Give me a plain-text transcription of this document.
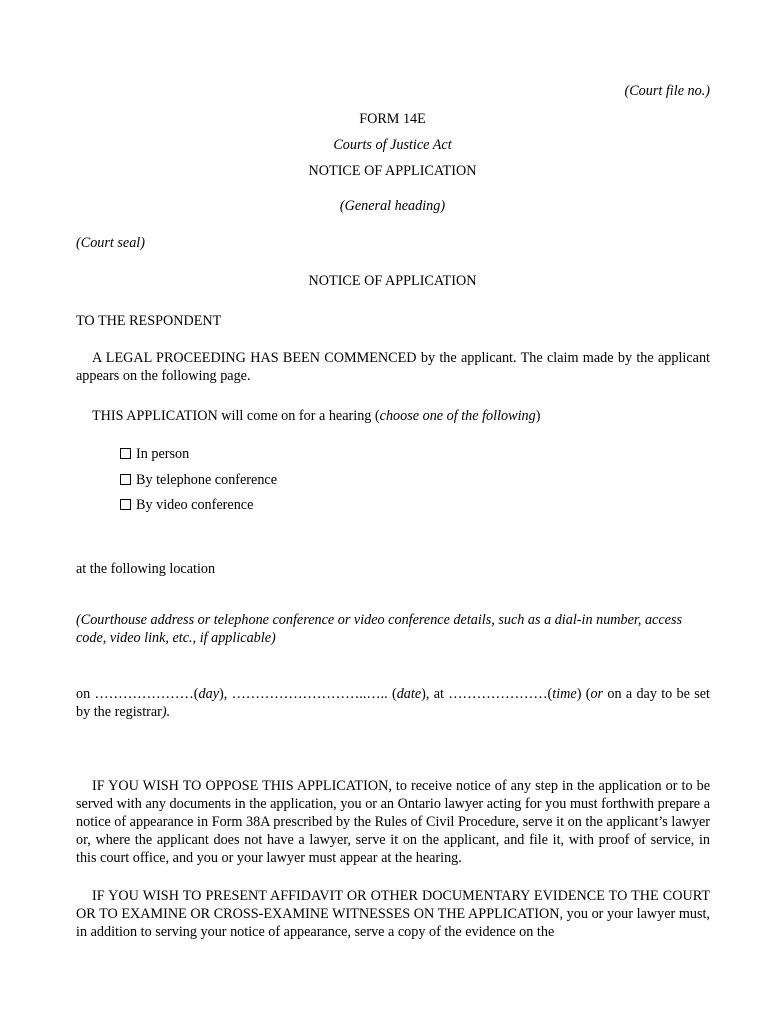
(Court file no.)
FORM 14E
Courts of Justice Act
NOTICE OF APPLICATION
(General heading)
(Court seal)
NOTICE OF APPLICATION
TO THE RESPONDENT
A LEGAL PROCEEDING HAS BEEN COMMENCED by the applicant. The claim made by the applicant appears on the following page.
THIS APPLICATION will come on for a hearing (choose one of the following)
In person
By telephone conference
By video conference
at the following location
(Courthouse address or telephone conference or video conference details, such as a dial-in number, access code, video link, etc., if applicable)
on …………………(day), ………………………..….. (date), at …………………(time) (or on a day to be set by the registrar).
IF YOU WISH TO OPPOSE THIS APPLICATION, to receive notice of any step in the application or to be served with any documents in the application, you or an Ontario lawyer acting for you must forthwith prepare a notice of appearance in Form 38A prescribed by the Rules of Civil Procedure, serve it on the applicant’s lawyer or, where the applicant does not have a lawyer, serve it on the applicant, and file it, with proof of service, in this court office, and you or your lawyer must appear at the hearing.
IF YOU WISH TO PRESENT AFFIDAVIT OR OTHER DOCUMENTARY EVIDENCE TO THE COURT OR TO EXAMINE OR CROSS-EXAMINE WITNESSES ON THE APPLICATION, you or your lawyer must, in addition to serving your notice of appearance, serve a copy of the evidence on the
